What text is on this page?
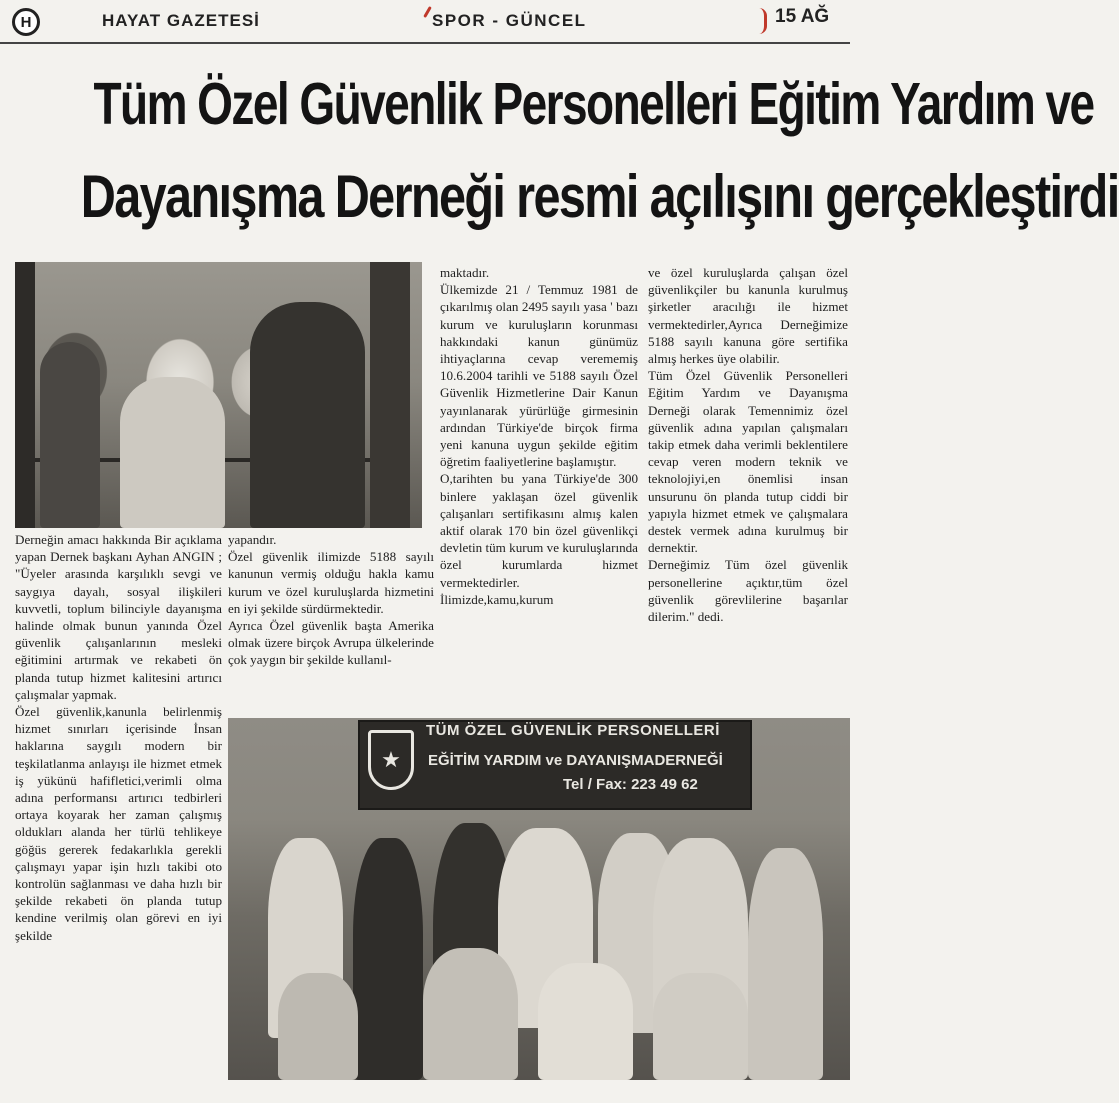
H	HAYAT GAZETESİ	SPOR - GÜNCEL	15 AĞ
Tüm Özel Güvenlik Personelleri Eğitim Yardım ve
Dayanışma Derneği resmi açılışını gerçekleştirdi
★
TÜM ÖZEL GÜVENLİK PERSONELLERİ
EĞİTİM YARDIM ve DAYANIŞMADERNEĞİ
Tel / Fax: 223 49 62
Derneğin amacı hakkında Bir açıklama yapan Dernek başkanı Ayhan ANGIN ; "Üyeler arasında karşılıklı sevgi ve saygıya dayalı, sosyal ilişkileri kuvvetli, toplum bilinciyle dayanışma halinde olmak bunun yanında Özel güvenlik çalışanlarının mesleki eğitimini artırmak ve rekabeti ön planda tutup hizmet kalitesini artırıcı çalışmalar yapmak.
Özel güvenlik,kanunla belirlenmiş hizmet sınırları içerisinde İnsan haklarına saygılı modern bir teşkilatlanma anlayışı ile hizmet etmek iş yükünü hafifletici,verimli olma adına performansı artırıcı tedbirleri ortaya koyarak her zaman çalışmış oldukları alanda her türlü tehlikeye göğüs gererek fedakarlıkla gerekli çalışmayı yapar işin hızlı takibi oto kontrolün sağlanması ve daha hızlı bir şekilde rekabeti ön planda tutup kendine verilmiş olan görevi en iyi şekilde
yapandır.
Özel güvenlik ilimizde 5188 sayılı kanunun vermiş olduğu hakla kamu kurum ve özel kuruluşlarda hizmetini en iyi şekilde sürdürmektedir.
Ayrıca Özel güvenlik başta Amerika olmak üzere birçok Avrupa ülkelerinde çok yaygın bir şekilde kullanıl-
maktadır.
Ülkemizde 21 / Temmuz 1981 de çıkarılmış olan 2495 sayılı yasa ' bazı kurum ve kuruluşların korunması hakkındaki kanun günümüz ihtiyaçlarına cevap verememiş 10.6.2004 tarihli ve 5188 sayılı Özel Güvenlik Hizmetlerine Dair Kanun yayınlanarak yürürlüğe girmesinin ardından Türkiye'de birçok firma yeni kanuna uygun şekilde eğitim öğretim faaliyetlerine başlamıştır.
O,tarihten bu yana Türkiye'de 300 binlere yaklaşan özel güvenlik çalışanları sertifikasını almış kalen aktif olarak 170 bin özel güvenlikçi devletin tüm kurum ve kuruluşlarında özel kurumlarda hizmet vermektedirler.
İlimizde,kamu,kurum
ve özel kuruluşlarda çalışan özel güvenlikçiler bu kanunla kurulmuş şirketler aracılığı ile hizmet vermektedirler,Ayrıca Derneğimize 5188 sayılı kanuna göre sertifika almış herkes üye olabilir.
Tüm Özel Güvenlik Personelleri Eğitim Yardım ve Dayanışma Derneği olarak Temennimiz özel güvenlik adına yapılan çalışmaları takip etmek daha verimli beklentilere cevap veren modern teknik ve teknolojiyi,en önemlisi insan unsurunu ön planda tutup ciddi bir yapıyla hizmet etmek ve çalışmalara destek vermek adına kurulmuş bir dernektir.
Derneğimiz Tüm özel güvenlik personellerine açıktır,tüm özel güvenlik görevlilerine başarılar dilerim." dedi.
